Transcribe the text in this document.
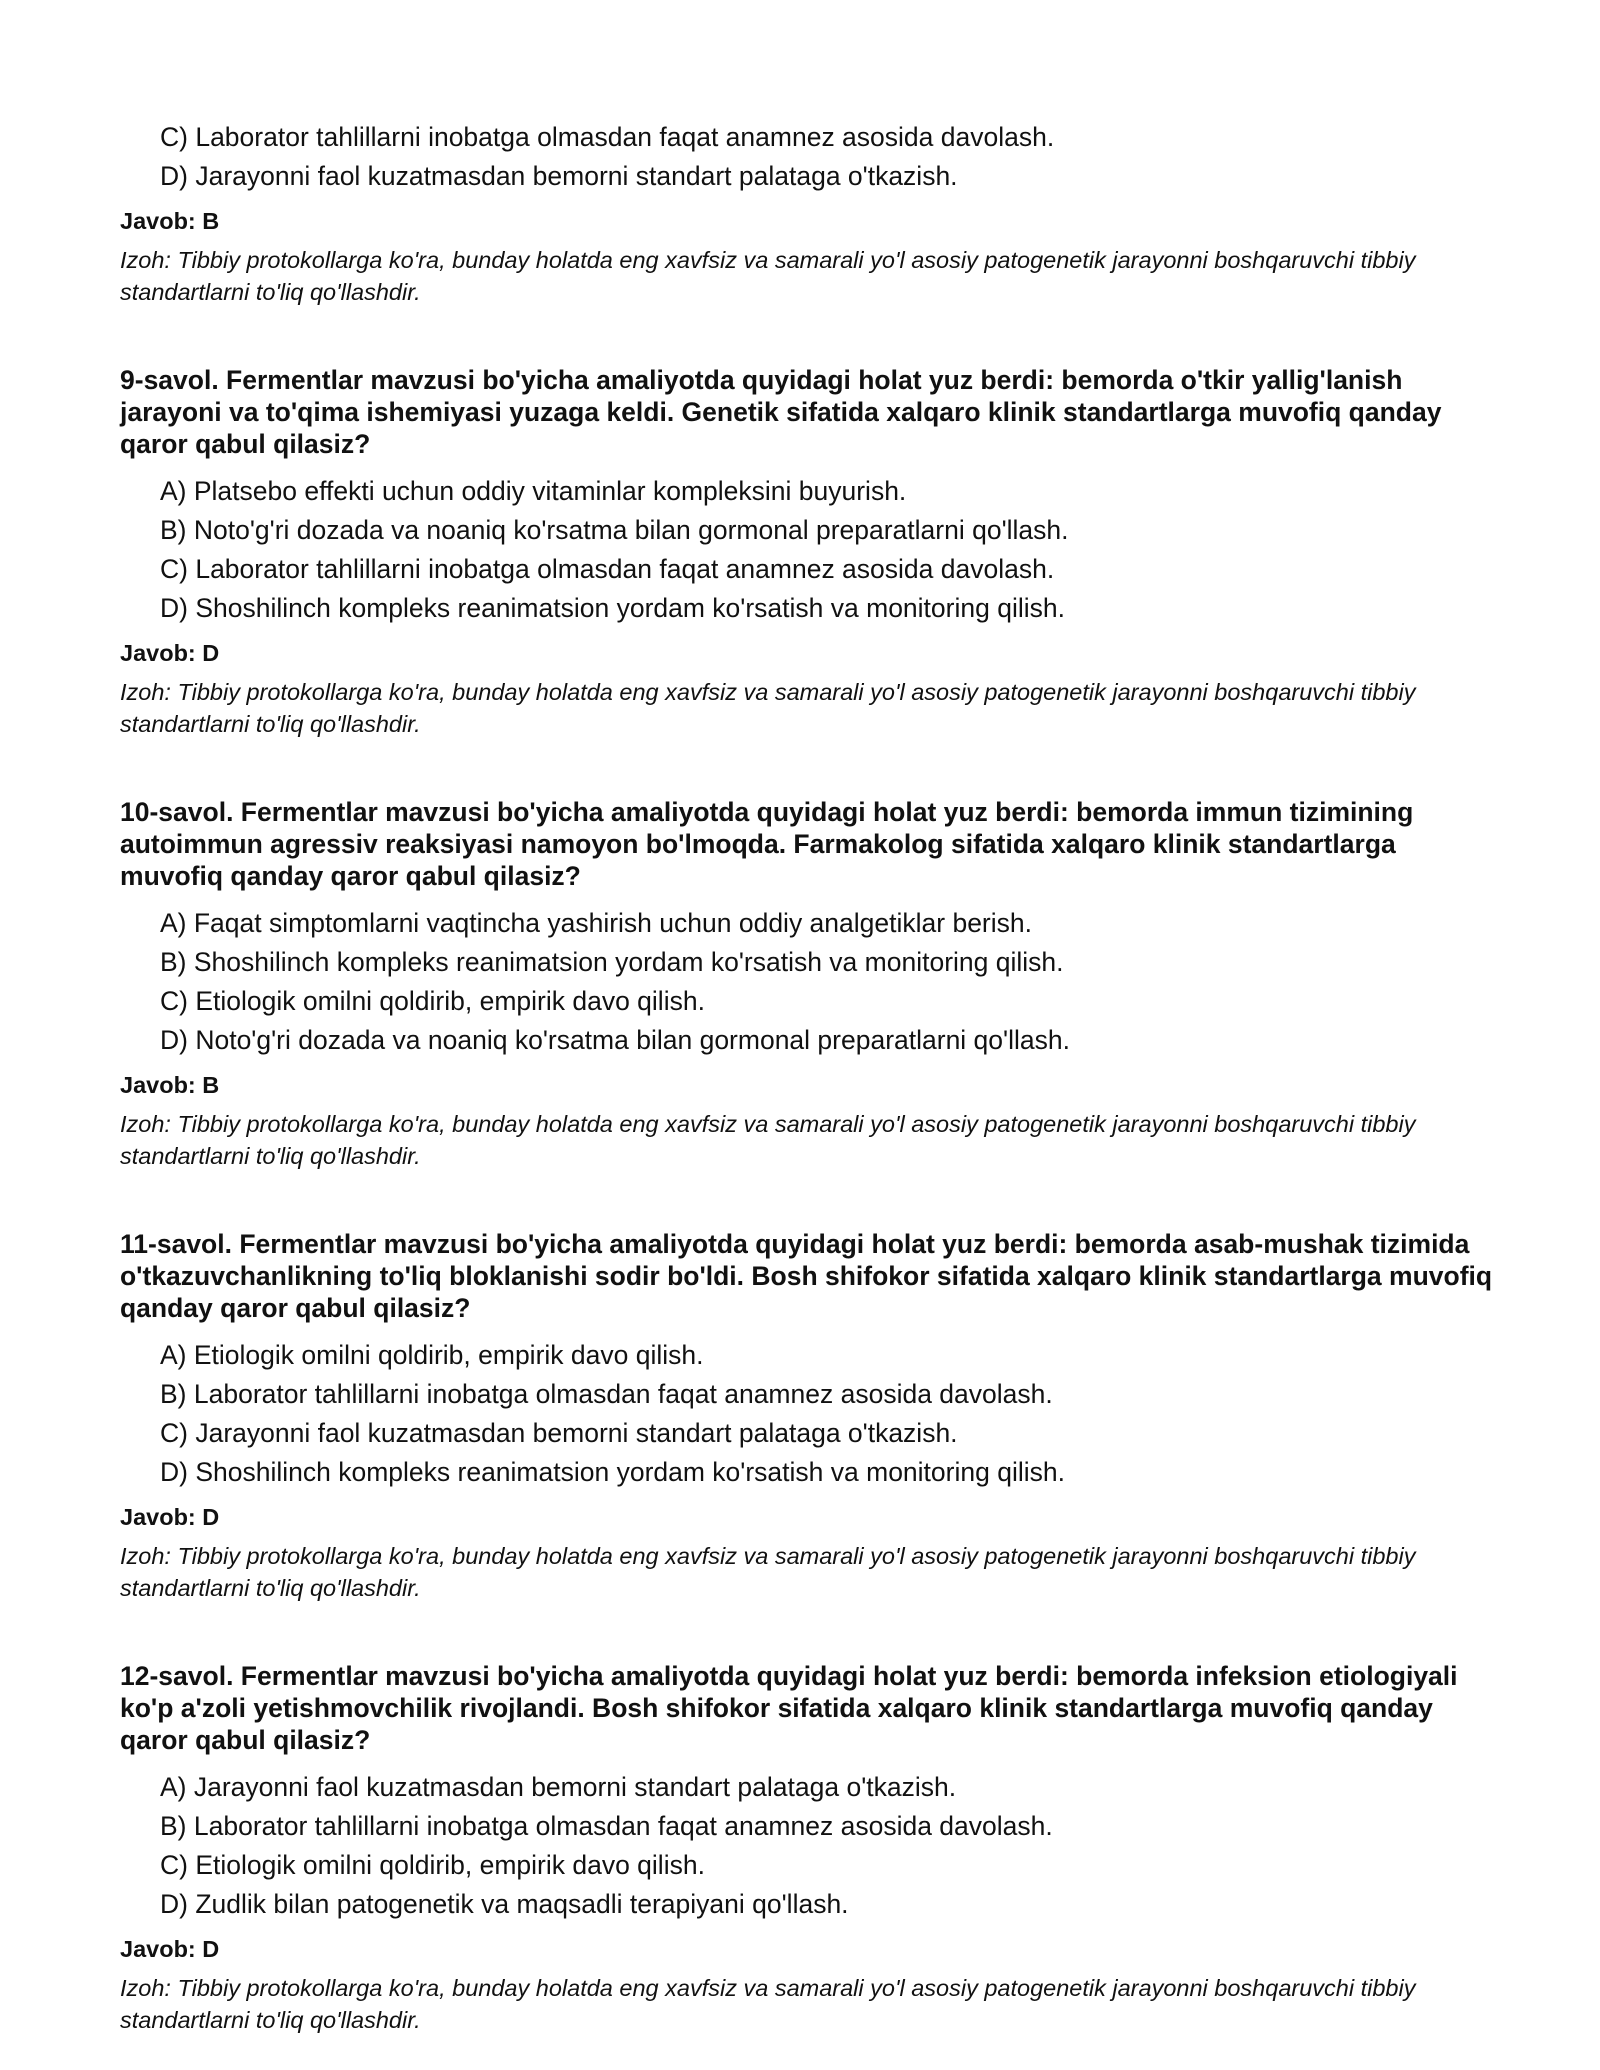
C) Laborator tahlillarni inobatga olmasdan faqat anamnez asosida davolash.
D) Jarayonni faol kuzatmasdan bemorni standart palataga o'tkazish.
Javob: B
Izoh: Tibbiy protokollarga ko'ra, bunday holatda eng xavfsiz va samarali yo'l asosiy patogenetik jarayonni boshqaruvchi tibbiy standartlarni to'liq qo'llashdir.
9-savol. Fermentlar mavzusi bo'yicha amaliyotda quyidagi holat yuz berdi: bemorda o'tkir yallig'lanish jarayoni va to'qima ishemiyasi yuzaga keldi. Genetik sifatida xalqaro klinik standartlarga muvofiq qanday qaror qabul qilasiz?
A) Platsebo effekti uchun oddiy vitaminlar kompleksini buyurish.
B) Noto'g'ri dozada va noaniq ko'rsatma bilan gormonal preparatlarni qo'llash.
C) Laborator tahlillarni inobatga olmasdan faqat anamnez asosida davolash.
D) Shoshilinch kompleks reanimatsion yordam ko'rsatish va monitoring qilish.
Javob: D
Izoh: Tibbiy protokollarga ko'ra, bunday holatda eng xavfsiz va samarali yo'l asosiy patogenetik jarayonni boshqaruvchi tibbiy standartlarni to'liq qo'llashdir.
10-savol. Fermentlar mavzusi bo'yicha amaliyotda quyidagi holat yuz berdi: bemorda immun tizimining autoimmun agressiv reaksiyasi namoyon bo'lmoqda. Farmakolog sifatida xalqaro klinik standartlarga muvofiq qanday qaror qabul qilasiz?
A) Faqat simptomlarni vaqtincha yashirish uchun oddiy analgetiklar berish.
B) Shoshilinch kompleks reanimatsion yordam ko'rsatish va monitoring qilish.
C) Etiologik omilni qoldirib, empirik davo qilish.
D) Noto'g'ri dozada va noaniq ko'rsatma bilan gormonal preparatlarni qo'llash.
Javob: B
Izoh: Tibbiy protokollarga ko'ra, bunday holatda eng xavfsiz va samarali yo'l asosiy patogenetik jarayonni boshqaruvchi tibbiy standartlarni to'liq qo'llashdir.
11-savol. Fermentlar mavzusi bo'yicha amaliyotda quyidagi holat yuz berdi: bemorda asab-mushak tizimida o'tkazuvchanlikning to'liq bloklanishi sodir bo'ldi. Bosh shifokor sifatida xalqaro klinik standartlarga muvofiq qanday qaror qabul qilasiz?
A) Etiologik omilni qoldirib, empirik davo qilish.
B) Laborator tahlillarni inobatga olmasdan faqat anamnez asosida davolash.
C) Jarayonni faol kuzatmasdan bemorni standart palataga o'tkazish.
D) Shoshilinch kompleks reanimatsion yordam ko'rsatish va monitoring qilish.
Javob: D
Izoh: Tibbiy protokollarga ko'ra, bunday holatda eng xavfsiz va samarali yo'l asosiy patogenetik jarayonni boshqaruvchi tibbiy standartlarni to'liq qo'llashdir.
12-savol. Fermentlar mavzusi bo'yicha amaliyotda quyidagi holat yuz berdi: bemorda infeksion etiologiyali ko'p a'zoli yetishmovchilik rivojlandi. Bosh shifokor sifatida xalqaro klinik standartlarga muvofiq qanday qaror qabul qilasiz?
A) Jarayonni faol kuzatmasdan bemorni standart palataga o'tkazish.
B) Laborator tahlillarni inobatga olmasdan faqat anamnez asosida davolash.
C) Etiologik omilni qoldirib, empirik davo qilish.
D) Zudlik bilan patogenetik va maqsadli terapiyani qo'llash.
Javob: D
Izoh: Tibbiy protokollarga ko'ra, bunday holatda eng xavfsiz va samarali yo'l asosiy patogenetik jarayonni boshqaruvchi tibbiy standartlarni to'liq qo'llashdir.
